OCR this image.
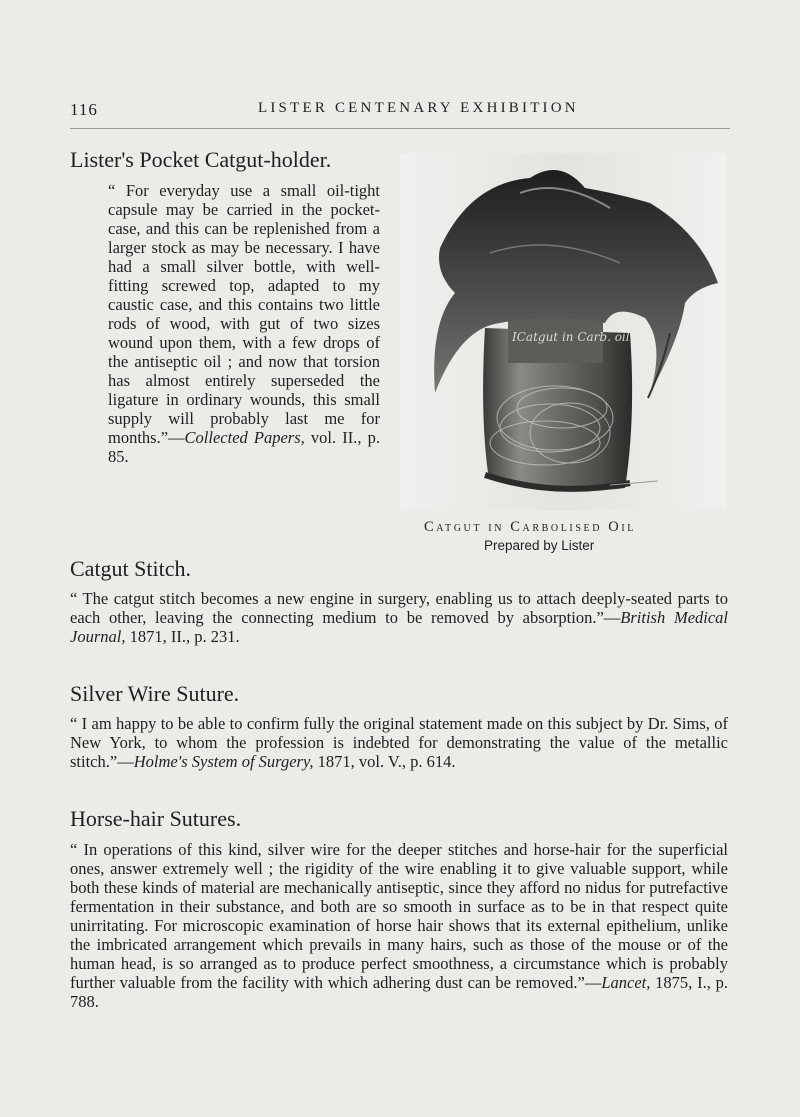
116	LISTER CENTENARY EXHIBITION
Lister's Pocket Catgut-holder.

“ For everyday use a small oil-tight capsule may be carried in the pocket-case, and this can be replenished from a larger stock as may be necessary. I have had a small silver bottle, with well-fitting screwed top, adapted to my caustic case, and this contains two little rods of wood, with gut of two sizes wound upon them, with a few drops of the antiseptic oil ; and now that torsion has almost entirely superseded the ligature in ordinary wounds, this small supply will probably last me for months.”—Collected Papers, vol. II., p. 85.

ICatgut in Carb. oil
Catgut in Carbolised Oil
Prepared by Lister
Catgut Stitch.

“ The catgut stitch becomes a new engine in surgery, enabling us to attach deeply-seated parts to each other, leaving the connecting medium to be removed by absorption.”—British Medical Journal, 1871, II., p. 231.

Silver Wire Suture.

“ I am happy to be able to confirm fully the original statement made on this subject by Dr. Sims, of New York, to whom the profession is indebted for demonstrating the value of the metallic stitch.”—Holme's System of Surgery, 1871, vol. V., p. 614.

Horse-hair Sutures.

“ In operations of this kind, silver wire for the deeper stitches and horse-hair for the superficial ones, answer extremely well ; the rigidity of the wire enabling it to give valuable support, while both these kinds of material are mechanically antiseptic, since they afford no nidus for putrefactive fermentation in their substance, and both are so smooth in surface as to be in that respect quite unirritating. For microscopic examination of horse hair shows that its external epithelium, unlike the imbricated arrangement which prevails in many hairs, such as those of the mouse or of the human head, is so arranged as to produce perfect smoothness, a circumstance which is probably further valuable from the facility with which adhering dust can be removed.”—Lancet, 1875, I., p. 788.
